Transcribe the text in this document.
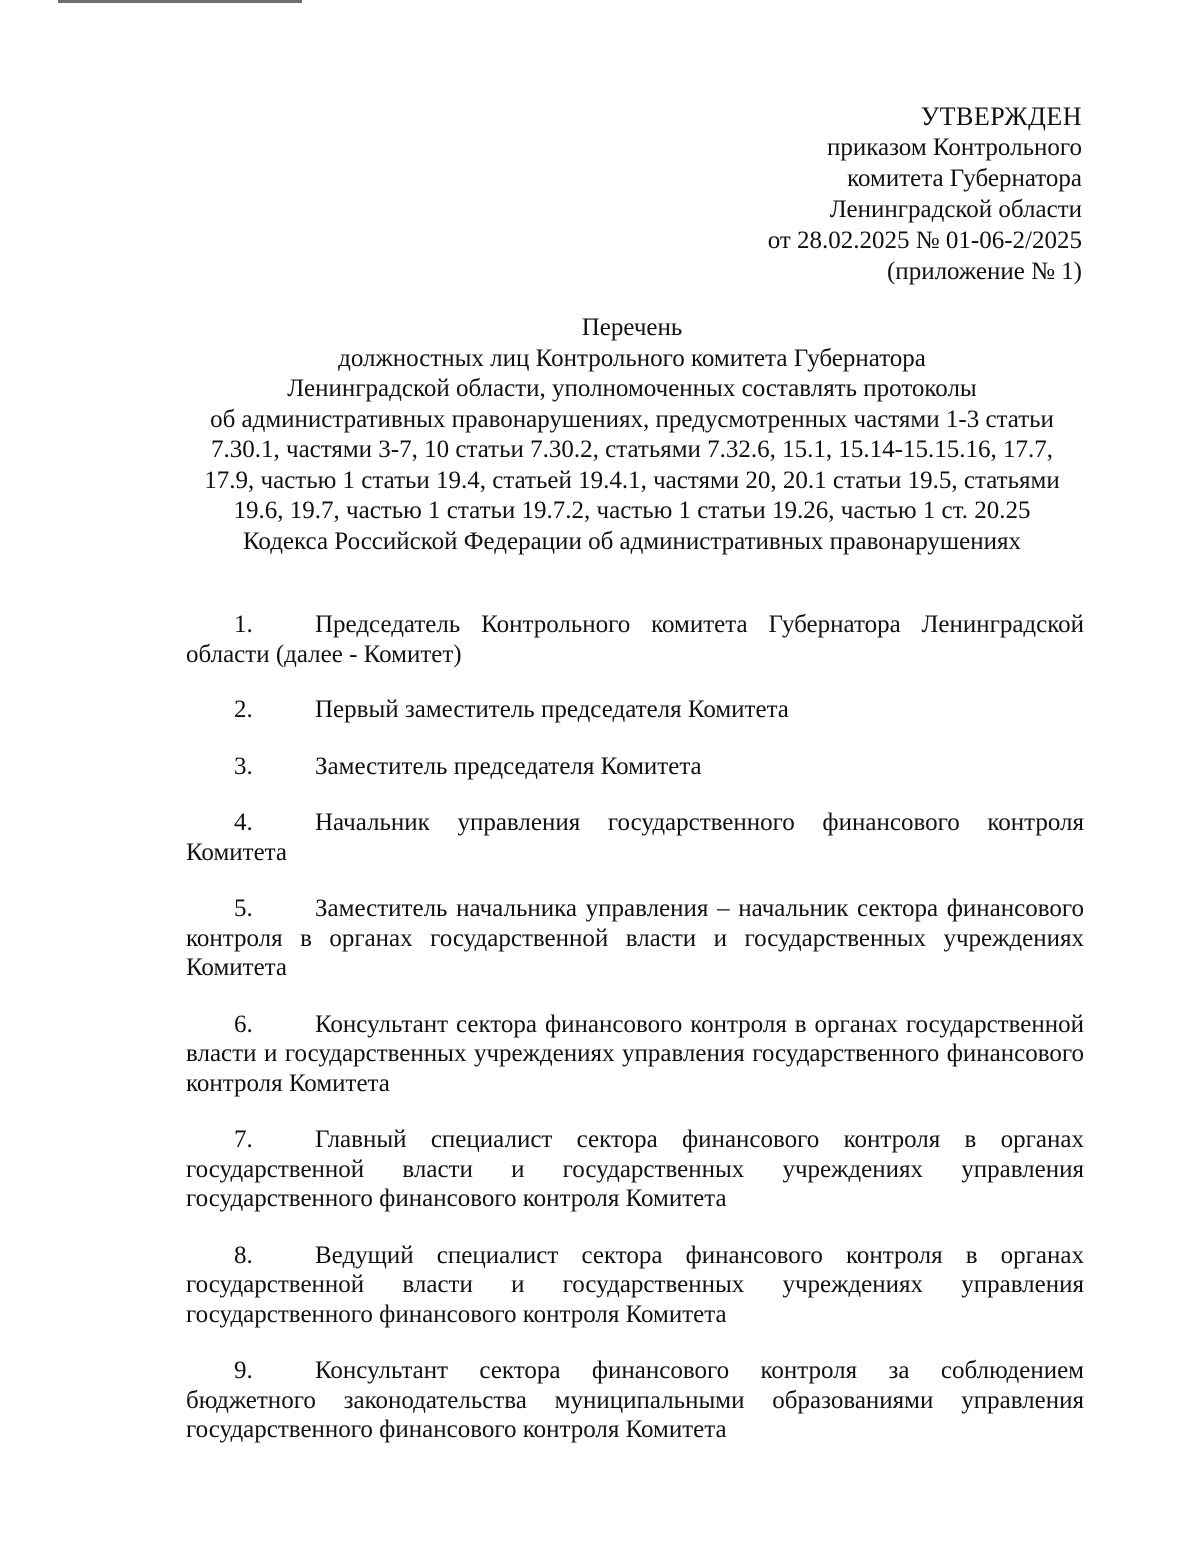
УТВЕРЖДЕН
приказом Контрольного
комитета Губернатора
Ленинградской области
от 28.02.2025 № 01-06-2/2025
(приложение № 1)
Перечень
должностных лиц Контрольного комитета Губернатора
Ленинградской области, уполномоченных составлять протоколы
об административных правонарушениях, предусмотренных частями 1-3 статьи
7.30.1, частями 3-7, 10 статьи 7.30.2, статьями 7.32.6, 15.1, 15.14-15.15.16, 17.7,
17.9, частью 1 статьи 19.4, статьей 19.4.1, частями 20, 20.1 статьи 19.5, статьями
19.6, 19.7, частью 1 статьи 19.7.2, частью 1 статьи 19.26, частью 1 ст. 20.25
Кодекса Российской Федерации об административных правонарушениях
1. Председатель Контрольного комитета Губернатора Ленинградской области (далее - Комитет)
2. Первый заместитель председателя Комитета
3. Заместитель председателя Комитета
4. Начальник управления государственного финансового контроля Комитета
5. Заместитель начальника управления – начальник сектора финансового контроля в органах государственной власти и государственных учреждениях Комитета
6. Консультант сектора финансового контроля в органах государственной власти и государственных учреждениях управления государственного финансового контроля Комитета
7. Главный специалист сектора финансового контроля в органах государственной власти и государственных учреждениях управления государственного финансового контроля Комитета
8. Ведущий специалист сектора финансового контроля в органах государственной власти и государственных учреждениях управления государственного финансового контроля Комитета
9. Консультант сектора финансового контроля за соблюдением бюджетного законодательства муниципальными образованиями управления государственного финансового контроля Комитета
